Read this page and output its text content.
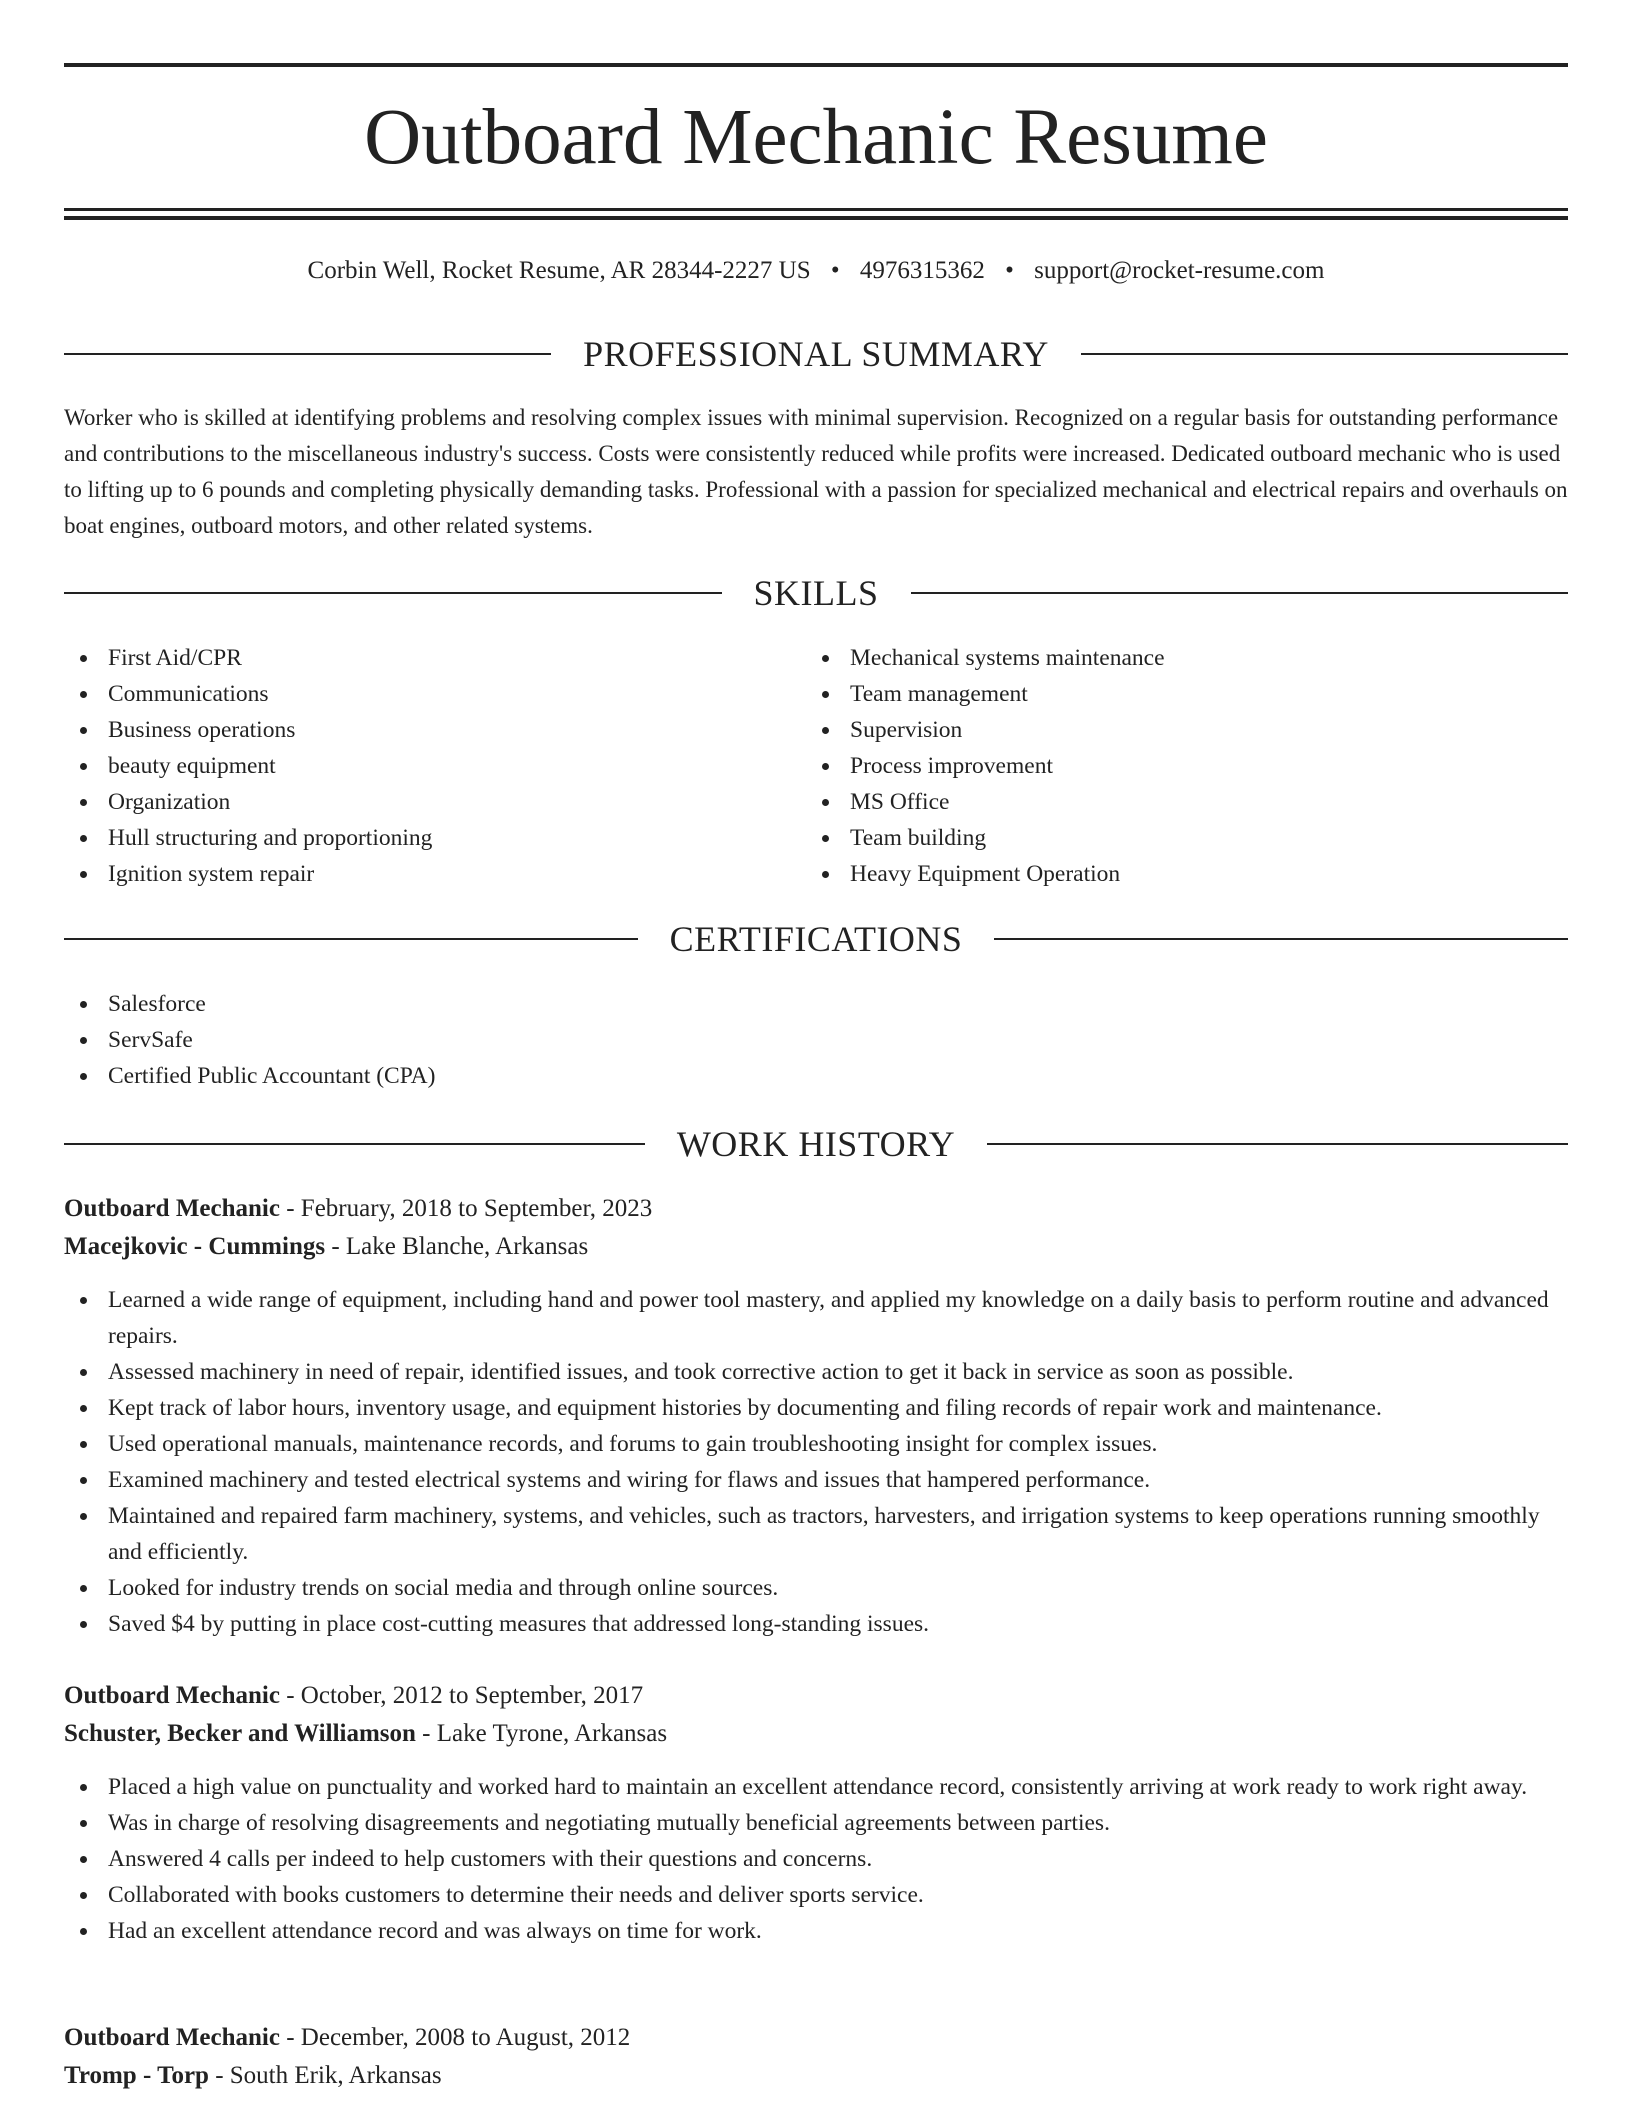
Outboard Mechanic Resume
Corbin Well, Rocket Resume, AR 28344-2227 US • 4976315362 • support@rocket-resume.com
PROFESSIONAL SUMMARY

Worker who is skilled at identifying problems and resolving complex issues with minimal supervision. Recognized on a regular basis for outstanding performance and contributions to the miscellaneous industry's success. Costs were consistently reduced while profits were increased. Dedicated outboard mechanic who is used to lifting up to 6 pounds and completing physically demanding tasks. Professional with a passion for specialized mechanical and electrical repairs and overhauls on boat engines, outboard motors, and other related systems.

SKILLS
First Aid/CPR
Communications
Business operations
beauty equipment
Organization
Hull structuring and proportioning
Ignition system repair
Mechanical systems maintenance
Team management
Supervision
Process improvement
MS Office
Team building
Heavy Equipment Operation
CERTIFICATIONS
Salesforce
ServSafe
Certified Public Accountant (CPA)
WORK HISTORY
Outboard Mechanic - February, 2018 to September, 2023
Macejkovic - Cummings - Lake Blanche, Arkansas
Learned a wide range of equipment, including hand and power tool mastery, and applied my knowledge on a daily basis to perform routine and advanced repairs.
Assessed machinery in need of repair, identified issues, and took corrective action to get it back in service as soon as possible.
Kept track of labor hours, inventory usage, and equipment histories by documenting and filing records of repair work and maintenance.
Used operational manuals, maintenance records, and forums to gain troubleshooting insight for complex issues.
Examined machinery and tested electrical systems and wiring for flaws and issues that hampered performance.
Maintained and repaired farm machinery, systems, and vehicles, such as tractors, harvesters, and irrigation systems to keep operations running smoothly and efficiently.
Looked for industry trends on social media and through online sources.
Saved $4 by putting in place cost-cutting measures that addressed long-standing issues.
Outboard Mechanic - October, 2012 to September, 2017
Schuster, Becker and Williamson - Lake Tyrone, Arkansas
Placed a high value on punctuality and worked hard to maintain an excellent attendance record, consistently arriving at work ready to work right away.
Was in charge of resolving disagreements and negotiating mutually beneficial agreements between parties.
Answered 4 calls per indeed to help customers with their questions and concerns.
Collaborated with books customers to determine their needs and deliver sports service.
Had an excellent attendance record and was always on time for work.
Outboard Mechanic - December, 2008 to August, 2012
Tromp - Torp - South Erik, Arkansas
